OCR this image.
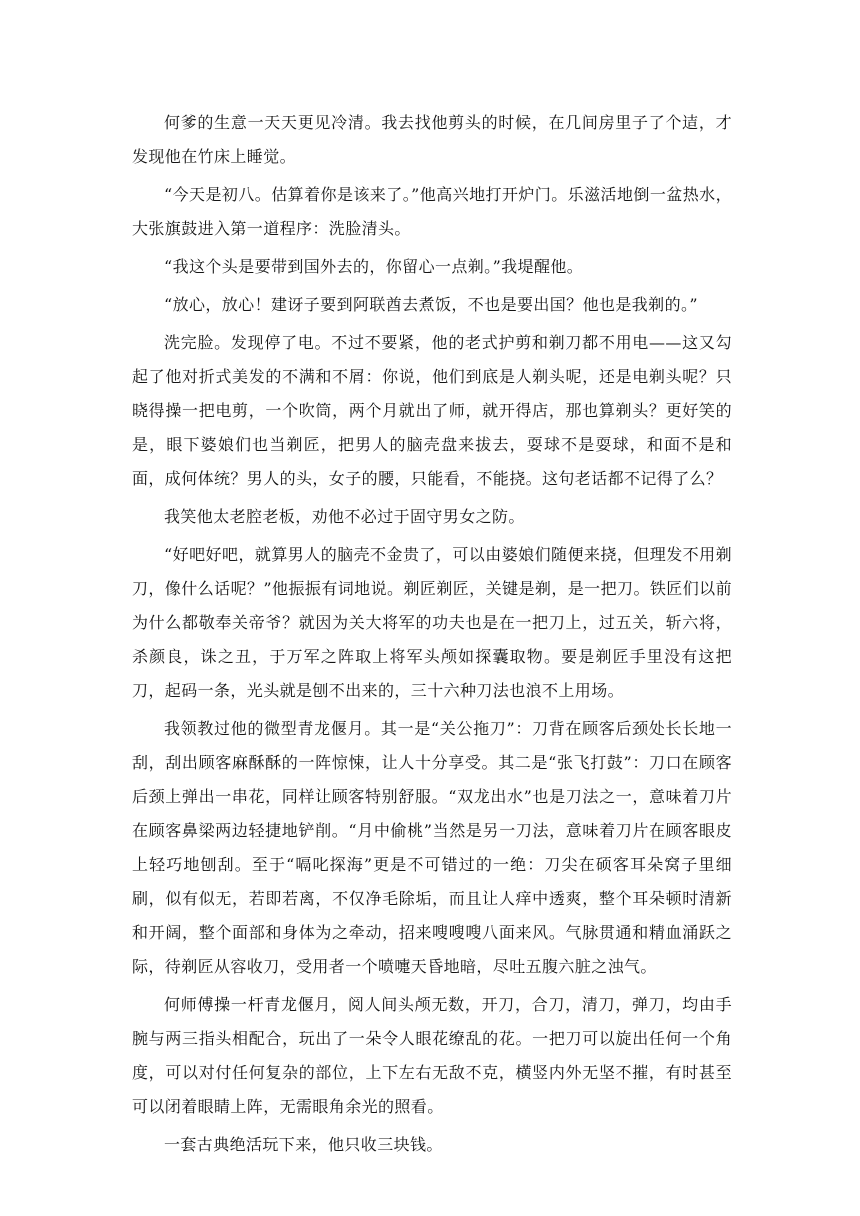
何爹的生意一天天更见冷清。我去找他剪头的时候，在几间房里子了个迼，才发现他在竹床上睡觉。

“今天是初八。估算着你是该来了。”他高兴地打开炉门。乐滋活地倒一盆热水，大张旗鼓进入第一道程序：洗脸清头。

“我这个头是要带到国外去的，你留心一点剃。”我堤醒他。

“放心，放心！建讶子要到阿联酋去煮饭，不也是要出国？他也是我剃的。”

洗完脸。发现停了电。不过不要紧，他的老式护剪和剃刀都不用电——这又勾起了他对折式美发的不满和不屑：你说，他们到底是人剃头呢，还是电剃头呢？只晓得操一把电剪，一个吹筒，两个月就出了师，就开得店，那也算剃头？更好笑的是，眼下婆娘们也当剃匠，把男人的脑壳盘来拔去，耍球不是耍球，和面不是和面，成何体统？男人的头，女子的腰，只能看，不能挠。这句老话都不记得了么？

我笑他太老腔老板，劝他不必过于固守男女之防。

“好吧好吧，就算男人的脑壳不金贵了，可以由婆娘们随便来挠，但理发不用剃刀，像什么话呢？”他振振有词地说。剃匠剃匠，关键是剃，是一把刀。铁匠们以前为什么都敬奉关帝爷？就因为关大将军的功夫也是在一把刀上，过五关，斩六将，杀颜良，诛之丑，于万军之阵取上将军头颅如探囊取物。要是剃匠手里没有这把刀，起码一条，光头就是刨不出来的，三十六种刀法也浪不上用场。

我领教过他的微型青龙偃月。其一是“关公拖刀”：刀背在顾客后颈处长长地一刮，刮出顾客麻酥酥的一阵惊悚，让人十分享受。其二是“张飞打鼓”：刀口在顾客后颈上弹出一串花，同样让顾客特别舒服。“双龙出水”也是刀法之一，意味着刀片在顾客鼻梁两边轻捷地铲削。“月中偷桃”当然是另一刀法，意味着刀片在顾客眼皮上轻巧地刨刮。至于“嗝叱探海”更是不可错过的一绝：刀尖在硕客耳朵窝子里细刷，似有似无，若即若离，不仅净毛除垢，而且让人痒中透爽，整个耳朵顿时清新和开阔，整个面部和身体为之牵动，招来嗖嗖嗖八面来风。气脉贯通和精血涌跃之际，待剃匠从容收刀，受用者一个喷嚏天昏地暗，尽吐五腹六脏之浊气。

何师傅操一杆青龙偃月，阅人间头颅无数，开刀，合刀，清刀，弹刀，均由手腕与两三指头相配合，玩出了一朵令人眼花缭乱的花。一把刀可以旋出任何一个角度，可以对付任何复杂的部位，上下左右无敌不克，横竖内外无坚不摧，有时甚至可以闭着眼睛上阵，无需眼角余光的照看。

一套古典绝活玩下来，他只收三块钱。
